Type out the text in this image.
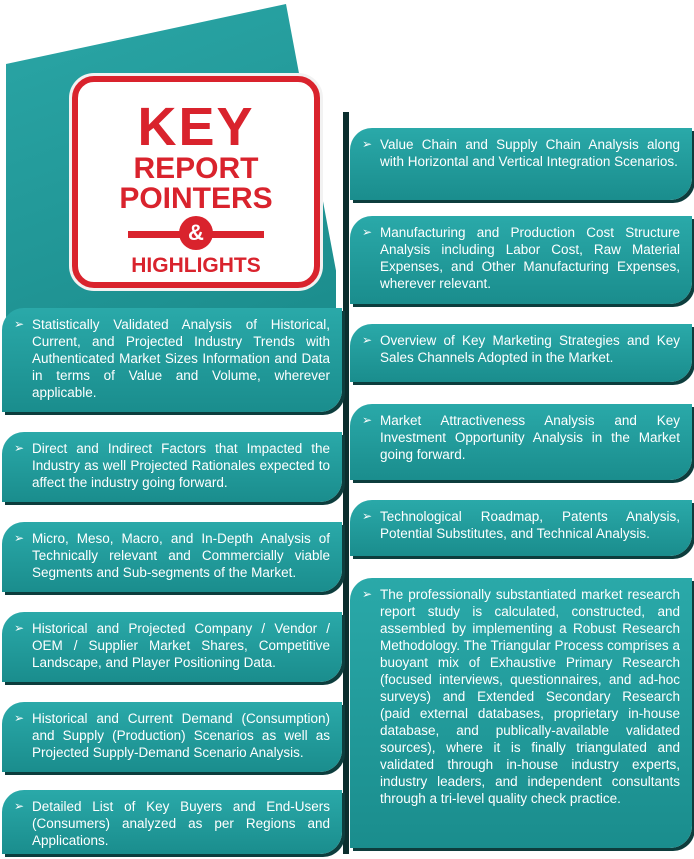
KEY
REPORT
POINTERS
&
HIGHLIGHTS
➢ Statistically Validated Analysis of Historical, Current, and Projected Industry Trends with Authenticated Market Sizes Information and Data in terms of Value and Volume, wherever applicable.
➢ Direct and Indirect Factors that Impacted the Industry as well Projected Rationales expected to affect the industry going forward.
➢ Micro, Meso, Macro, and In-Depth Analysis of Technically relevant and Commercially viable Segments and Sub-segments of the Market.
➢ Historical and Projected Company / Vendor / OEM / Supplier Market Shares, Competitive Landscape, and Player Positioning Data.
➢ Historical and Current Demand (Consumption) and Supply (Production) Scenarios as well as Projected Supply-Demand Scenario Analysis.
➢ Detailed List of Key Buyers and End-Users (Consumers) analyzed as per Regions and Applications.
➢ Value Chain and Supply Chain Analysis along with Horizontal and Vertical Integration Scenarios.
➢ Manufacturing and Production Cost Structure Analysis including Labor Cost, Raw Material Expenses, and Other Manufacturing Expenses, wherever relevant.
➢ Overview of Key Marketing Strategies and Key Sales Channels Adopted in the Market.
➢ Market Attractiveness Analysis and Key Investment Opportunity Analysis in the Market going forward.
➢ Technological Roadmap, Patents Analysis, Potential Substitutes, and Technical Analysis.
➢ The professionally substantiated market research report study is calculated, constructed, and assembled by implementing a Robust Research Methodology. The Triangular Process comprises a buoyant mix of Exhaustive Primary Research (focused interviews, questionnaires, and ad-hoc surveys) and Extended Secondary Research (paid external databases, proprietary in-house database, and publically-available validated sources), where it is finally triangulated and validated through in-house industry experts, industry leaders, and independent consultants through a tri-level quality check practice.
